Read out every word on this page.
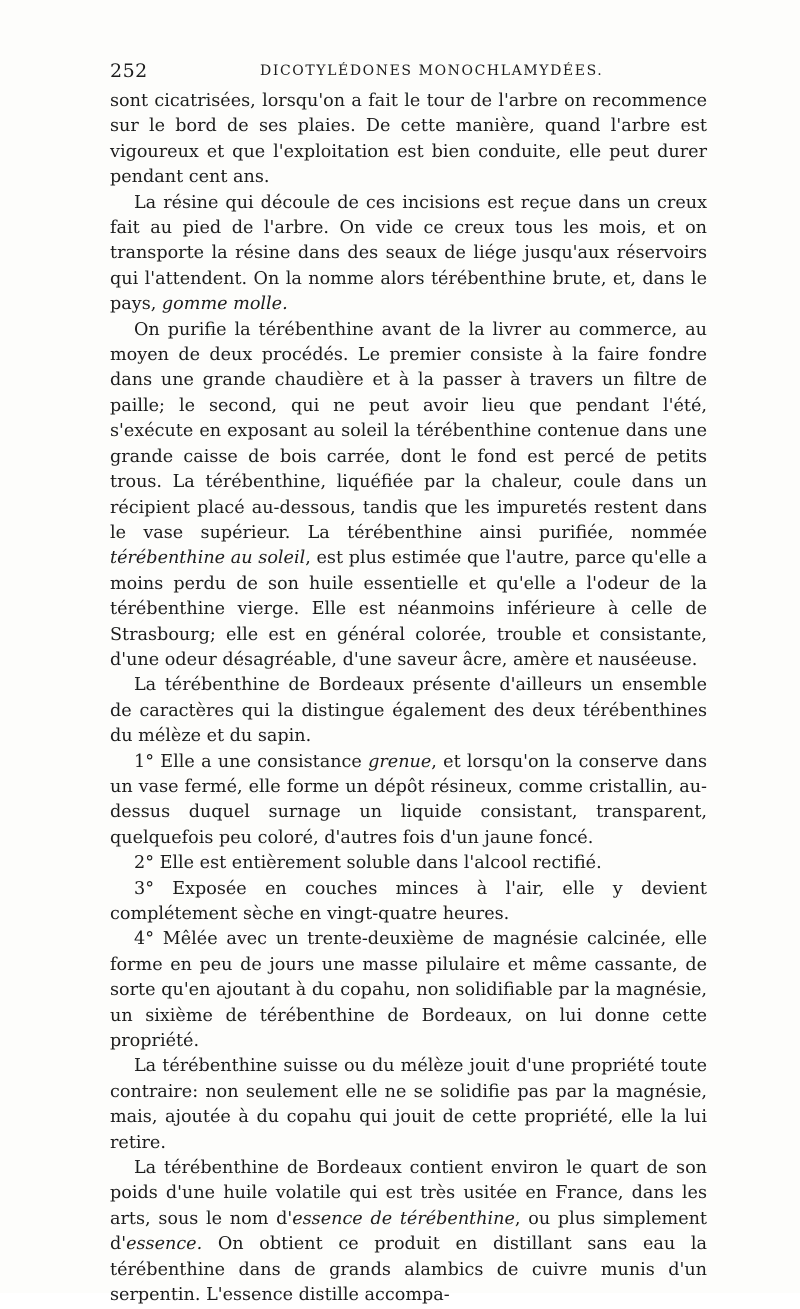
252	DICOTYLÉDONES MONOCHLAMYDÉES.

sont cicatrisées, lorsqu'on a fait le tour de l'arbre on recommence sur le bord de ses plaies. De cette manière, quand l'arbre est vigoureux et que l'exploitation est bien conduite, elle peut durer pendant cent ans.

La résine qui découle de ces incisions est reçue dans un creux fait au pied de l'arbre. On vide ce creux tous les mois, et on transporte la résine dans des seaux de liége jusqu'aux réservoirs qui l'attendent. On la nomme alors térébenthine brute, et, dans le pays, gomme molle.

On purifie la térébenthine avant de la livrer au commerce, au moyen de deux procédés. Le premier consiste à la faire fondre dans une grande chaudière et à la passer à travers un filtre de paille; le second, qui ne peut avoir lieu que pendant l'été, s'exécute en exposant au soleil la térébenthine contenue dans une grande caisse de bois carrée, dont le fond est percé de petits trous. La térébenthine, liquéfiée par la chaleur, coule dans un récipient placé au-dessous, tandis que les impuretés restent dans le vase supérieur. La térébenthine ainsi purifiée, nommée térébenthine au soleil, est plus estimée que l'autre, parce qu'elle a moins perdu de son huile essentielle et qu'elle a l'odeur de la térébenthine vierge. Elle est néanmoins inférieure à celle de Strasbourg; elle est en général colorée, trouble et consistante, d'une odeur désagréable, d'une saveur âcre, amère et nauséeuse.

La térébenthine de Bordeaux présente d'ailleurs un ensemble de caractères qui la distingue également des deux térébenthines du mélèze et du sapin.

1° Elle a une consistance grenue, et lorsqu'on la conserve dans un vase fermé, elle forme un dépôt résineux, comme cristallin, au-dessus duquel surnage un liquide consistant, transparent, quelquefois peu coloré, d'autres fois d'un jaune foncé.

2° Elle est entièrement soluble dans l'alcool rectifié.

3° Exposée en couches minces à l'air, elle y devient complétement sèche en vingt-quatre heures.

4° Mêlée avec un trente-deuxième de magnésie calcinée, elle forme en peu de jours une masse pilulaire et même cassante, de sorte qu'en ajoutant à du copahu, non solidifiable par la magnésie, un sixième de térébenthine de Bordeaux, on lui donne cette propriété.

La térébenthine suisse ou du mélèze jouit d'une propriété toute contraire: non seulement elle ne se solidifie pas par la magnésie, mais, ajoutée à du copahu qui jouit de cette propriété, elle la lui retire.

La térébenthine de Bordeaux contient environ le quart de son poids d'une huile volatile qui est très usitée en France, dans les arts, sous le nom d'essence de térébenthine, ou plus simplement d'essence. On obtient ce produit en distillant sans eau la térébenthine dans de grands alambics de cuivre munis d'un serpentin. L'essence distille accompa-
